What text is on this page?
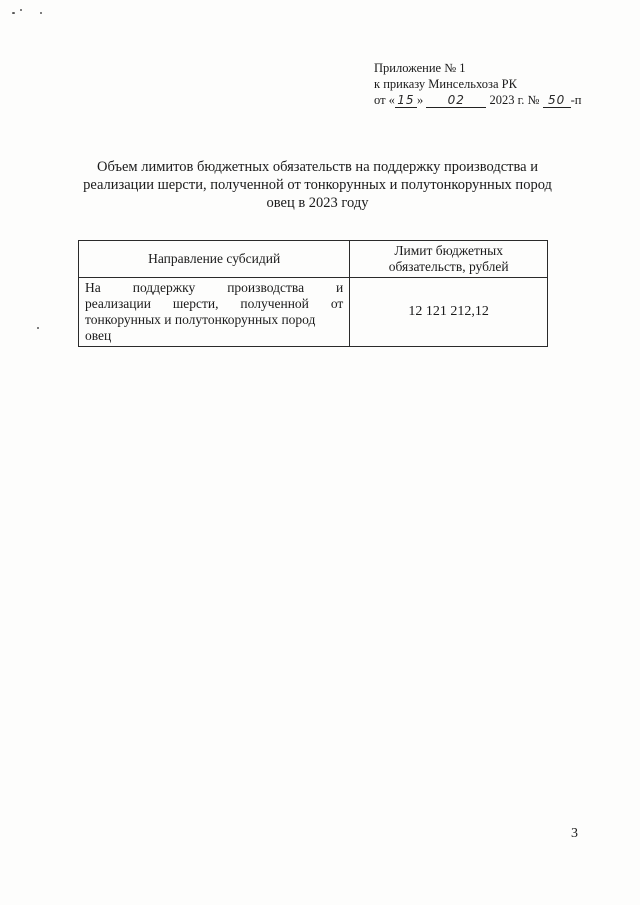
Приложение № 1
к приказу Минсельхоза РК
от « 15 » 02 2023 г. № 50 -п
Объем лимитов бюджетных обязательств на поддержку производства и
реализации шерсти, полученной от тонкорунных и полутонкорунных пород
овец в 2023 году
Направление субсидий	Лимит бюджетных
обязательств, рублей

На поддержку производства и
реализации шерсти, полученной от
тонкорунных и полутонкорунных пород
овец	12 121 212,12
3
